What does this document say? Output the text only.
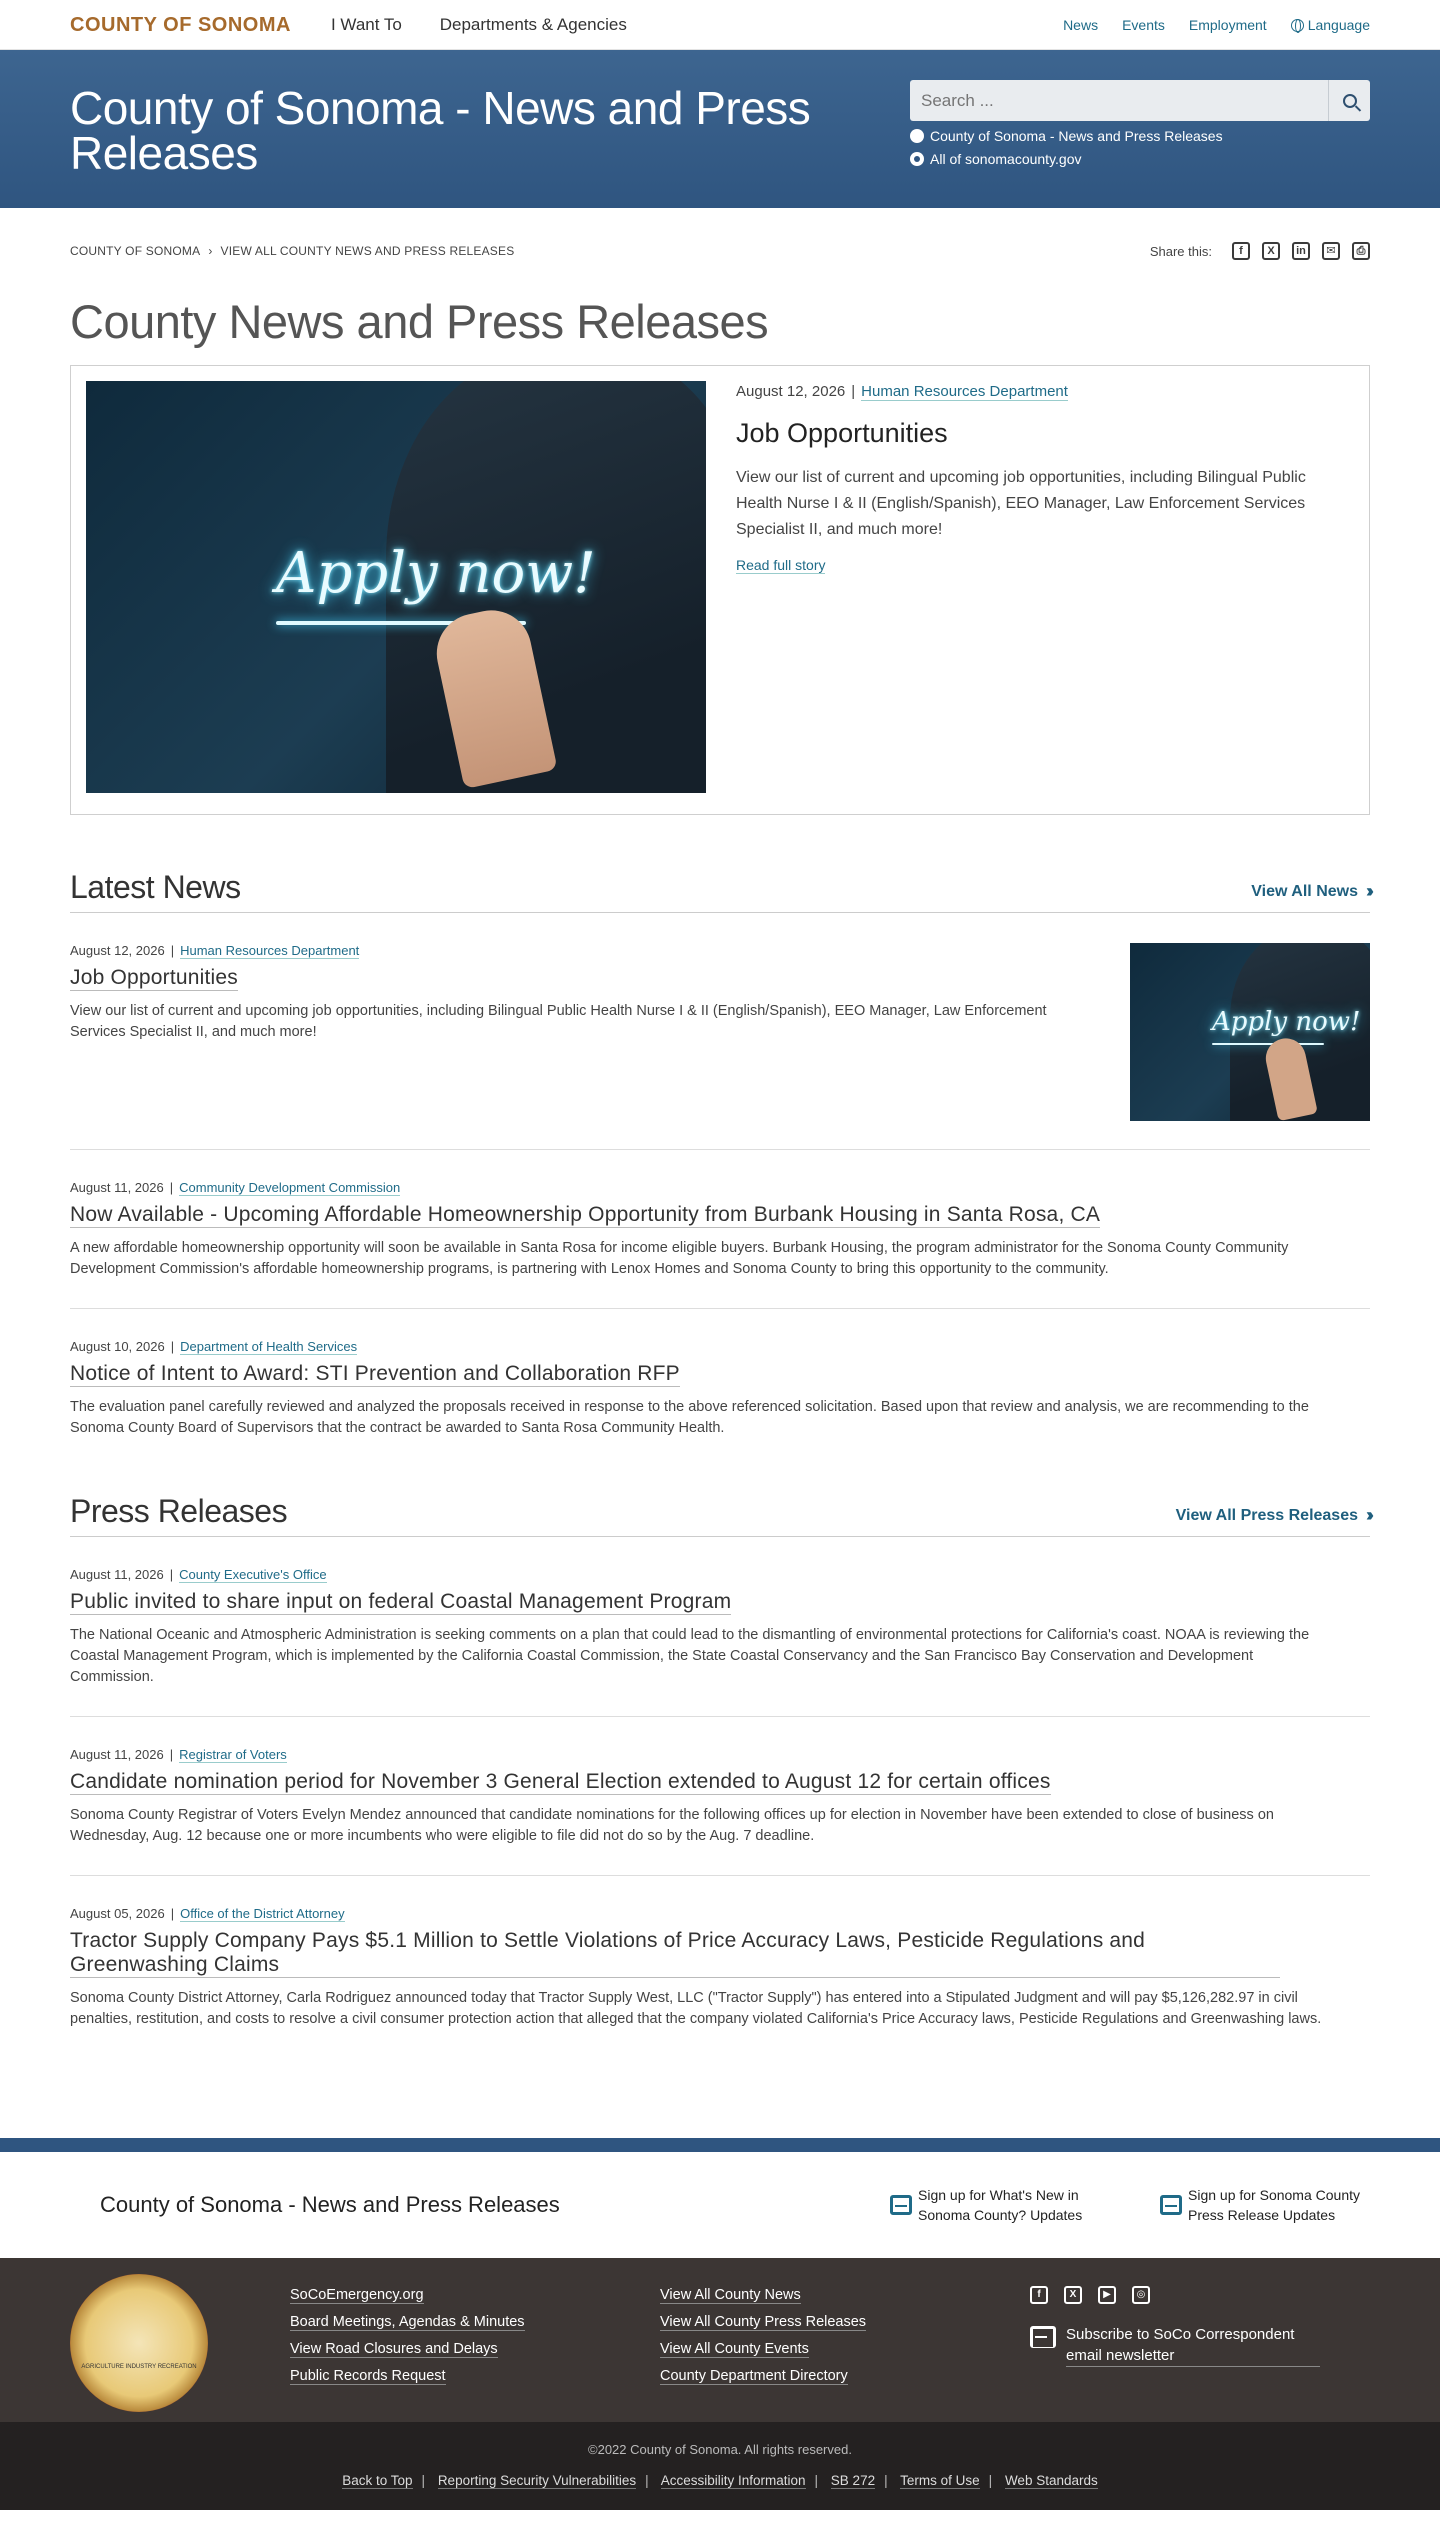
COUNTY OF SONOMA I Want To Departments & Agencies	News Events Employment	Language
County of Sonoma - News and Press Releases
Search ...	County of Sonoma - News and Press Releases
All of sonomacounty.gov
COUNTY OF SONOMA › VIEW ALL COUNTY NEWS AND PRESS RELEASES	Share this:	f	X	in	✉	⎙
County News and Press Releases
Apply now!
August 12, 2026 | Human Resources Department
Job Opportunities

View our list of current and upcoming job opportunities, including Bilingual Public Health Nurse I & II (English/Spanish), EEO Manager, Law Enforcement Services Specialist II, and much more!

Read full story
Latest News	View All News ››
August 12, 2026 | Human Resources Department
Job Opportunities

View our list of current and upcoming job opportunities, including Bilingual Public Health Nurse I & II (English/Spanish), EEO Manager, Law Enforcement Services Specialist II, and much more!	Apply now!
August 11, 2026 | Community Development Commission
Now Available - Upcoming Affordable Homeownership Opportunity from Burbank Housing in Santa Rosa, CA

A new affordable homeownership opportunity will soon be available in Santa Rosa for income eligible buyers. Burbank Housing, the program administrator for the Sonoma County Community Development Commission's affordable homeownership programs, is partnering with Lenox Homes and Sonoma County to bring this opportunity to the community.

August 10, 2026 | Department of Health Services
Notice of Intent to Award: STI Prevention and Collaboration RFP

The evaluation panel carefully reviewed and analyzed the proposals received in response to the above referenced solicitation. Based upon that review and analysis, we are recommending to the Sonoma County Board of Supervisors that the contract be awarded to Santa Rosa Community Health.

Press Releases	View All Press Releases ››
August 11, 2026 | County Executive's Office
Public invited to share input on federal Coastal Management Program

The National Oceanic and Atmospheric Administration is seeking comments on a plan that could lead to the dismantling of environmental protections for California's coast. NOAA is reviewing the Coastal Management Program, which is implemented by the California Coastal Commission, the State Coastal Conservancy and the San Francisco Bay Conservation and Development Commission.

August 11, 2026 | Registrar of Voters
Candidate nomination period for November 3 General Election extended to August 12 for certain offices

Sonoma County Registrar of Voters Evelyn Mendez announced that candidate nominations for the following offices up for election in November have been extended to close of business on Wednesday, Aug. 12 because one or more incumbents who were eligible to file did not do so by the Aug. 7 deadline.

August 05, 2026 | Office of the District Attorney
Tractor Supply Company Pays $5.1 Million to Settle Violations of Price Accuracy Laws, Pesticide Regulations and Greenwashing Claims

Sonoma County District Attorney, Carla Rodriguez announced today that Tractor Supply West, LLC ("Tractor Supply") has entered into a Stipulated Judgment and will pay $5,126,282.97 in civil penalties, restitution, and costs to resolve a civil consumer protection action that alleged that the company violated California's Price Accuracy laws, Pesticide Regulations and Greenwashing laws.

County of Sonoma - News and Press Releases	Sign up for What's New in Sonoma County? Updates
Sign up for Sonoma County Press Release Updates
AGRICULTURE INDUSTRY RECREATION
SoCoEmergency.org
Board Meetings, Agendas & Minutes
View Road Closures and Delays
Public Records Request
View All County News
View All County Press Releases
View All County Events
County Department Directory
f	X	▶	◎
Subscribe to SoCo Correspondent email newsletter
©2022 County of Sonoma. All rights reserved.
Back to Top | Reporting Security Vulnerabilities | Accessibility Information | SB 272 | Terms of Use | Web Standards
